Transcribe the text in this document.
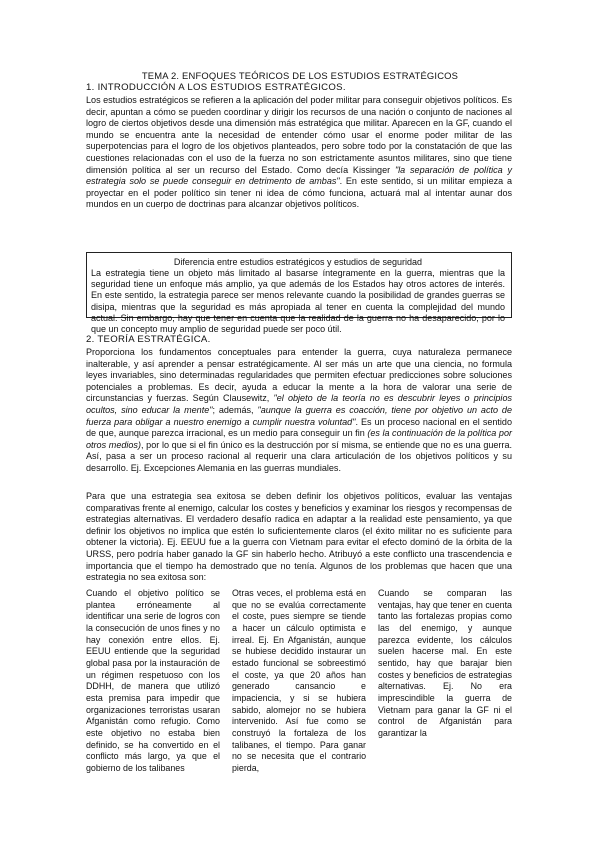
TEMA 2. ENFOQUES TEÓRICOS DE LOS ESTUDIOS ESTRATÉGICOS
1. INTRODUCCIÓN A LOS ESTUDIOS ESTRATÉGICOS.

Los estudios estratégicos se refieren a la aplicación del poder militar para conseguir objetivos políticos. Es decir, apuntan a cómo se pueden coordinar y dirigir los recursos de una nación o conjunto de naciones al logro de ciertos objetivos desde una dimensión más estratégica que militar. Aparecen en la GF, cuando el mundo se encuentra ante la necesidad de entender cómo usar el enorme poder militar de las superpotencias para el logro de los objetivos planteados, pero sobre todo por la constatación de que las cuestiones relacionadas con el uso de la fuerza no son estrictamente asuntos militares, sino que tiene dimensión política al ser un recurso del Estado. Como decía Kissinger "la separación de política y estrategia solo se puede conseguir en detrimento de ambas". En este sentido, si un militar empieza a proyectar en el poder político sin tener ni idea de cómo funciona, actuará mal al intentar aunar dos mundos en un cuerpo de doctrinas para alcanzar objetivos políticos.

Diferencia entre estudios estratégicos y estudios de seguridad

La estrategia tiene un objeto más limitado al basarse íntegramente en la guerra, mientras que la seguridad tiene un enfoque más amplio, ya que además de los Estados hay otros actores de interés. En este sentido, la estrategia parece ser menos relevante cuando la posibilidad de grandes guerras se disipa, mientras que la seguridad es más apropiada al tener en cuenta la complejidad del mundo actual. Sin embargo, hay que tener en cuenta que la realidad de la guerra no ha desaparecido, por lo que un concepto muy amplio de seguridad puede ser poco útil.

2. TEORÍA ESTRATÉGICA.

Proporciona los fundamentos conceptuales para entender la guerra, cuya naturaleza permanece inalterable, y así aprender a pensar estratégicamente. Al ser más un arte que una ciencia, no formula leyes invariables, sino determinadas regularidades que permiten efectuar predicciones sobre soluciones potenciales a problemas. Es decir, ayuda a educar la mente a la hora de valorar una serie de circunstancias y fuerzas. Según Clausewitz, "el objeto de la teoría no es descubrir leyes o principios ocultos, sino educar la mente"; además, "aunque la guerra es coacción, tiene por objetivo un acto de fuerza para obligar a nuestro enemigo a cumplir nuestra voluntad". Es un proceso nacional en el sentido de que, aunque parezca irracional, es un medio para conseguir un fin (es la continuación de la política por otros medios), por lo que si el fin único es la destrucción por sí misma, se entiende que no es una guerra. Así, pasa a ser un proceso racional al requerir una clara articulación de los objetivos políticos y su desarrollo. Ej. Excepciones Alemania en las guerras mundiales.

Para que una estrategia sea exitosa se deben definir los objetivos políticos, evaluar las ventajas comparativas frente al enemigo, calcular los costes y beneficios y examinar los riesgos y recompensas de estrategias alternativas. El verdadero desafío radica en adaptar a la realidad este pensamiento, ya que definir los objetivos no implica que estén lo suficientemente claros (el éxito militar no es suficiente para obtener la victoria). Ej. EEUU fue a la guerra con Vietnam para evitar el efecto dominó de la órbita de la URSS, pero podría haber ganado la GF sin haberlo hecho. Atribuyó a este conflicto una trascendencia e importancia que el tiempo ha demostrado que no tenía. Algunos de los problemas que hacen que una estrategia no sea exitosa son:

Cuando el objetivo político se plantea erróneamente al identificar una serie de logros con la consecución de unos fines y no hay conexión entre ellos. Ej. EEUU entiende que la seguridad global pasa por la instauración de un régimen respetuoso con los DDHH, de manera que utilizó esta premisa para impedir que organizaciones terroristas usaran Afganistán como refugio. Como este objetivo no estaba bien definido, se ha convertido en el conflicto más largo, ya que el gobierno de los talibanes

Otras veces, el problema está en que no se evalúa correctamente el coste, pues siempre se tiende a hacer un cálculo optimista e irreal. Ej. En Afganistán, aunque se hubiese decidido instaurar un estado funcional se sobreestimó el coste, ya que 20 años han generado cansancio e impaciencia, y si se hubiera sabido, alomejor no se hubiera intervenido. Así fue como se construyó la fortaleza de los talibanes, el tiempo. Para ganar no se necesita que el contrario pierda,

Cuando se comparan las ventajas, hay que tener en cuenta tanto las fortalezas propias como las del enemigo, y aunque parezca evidente, los cálculos suelen hacerse mal. En este sentido, hay que barajar bien costes y beneficios de estrategias alternativas. Ej. No era imprescindible la guerra de Vietnam para ganar la GF ni el control de Afganistán para garantizar la
